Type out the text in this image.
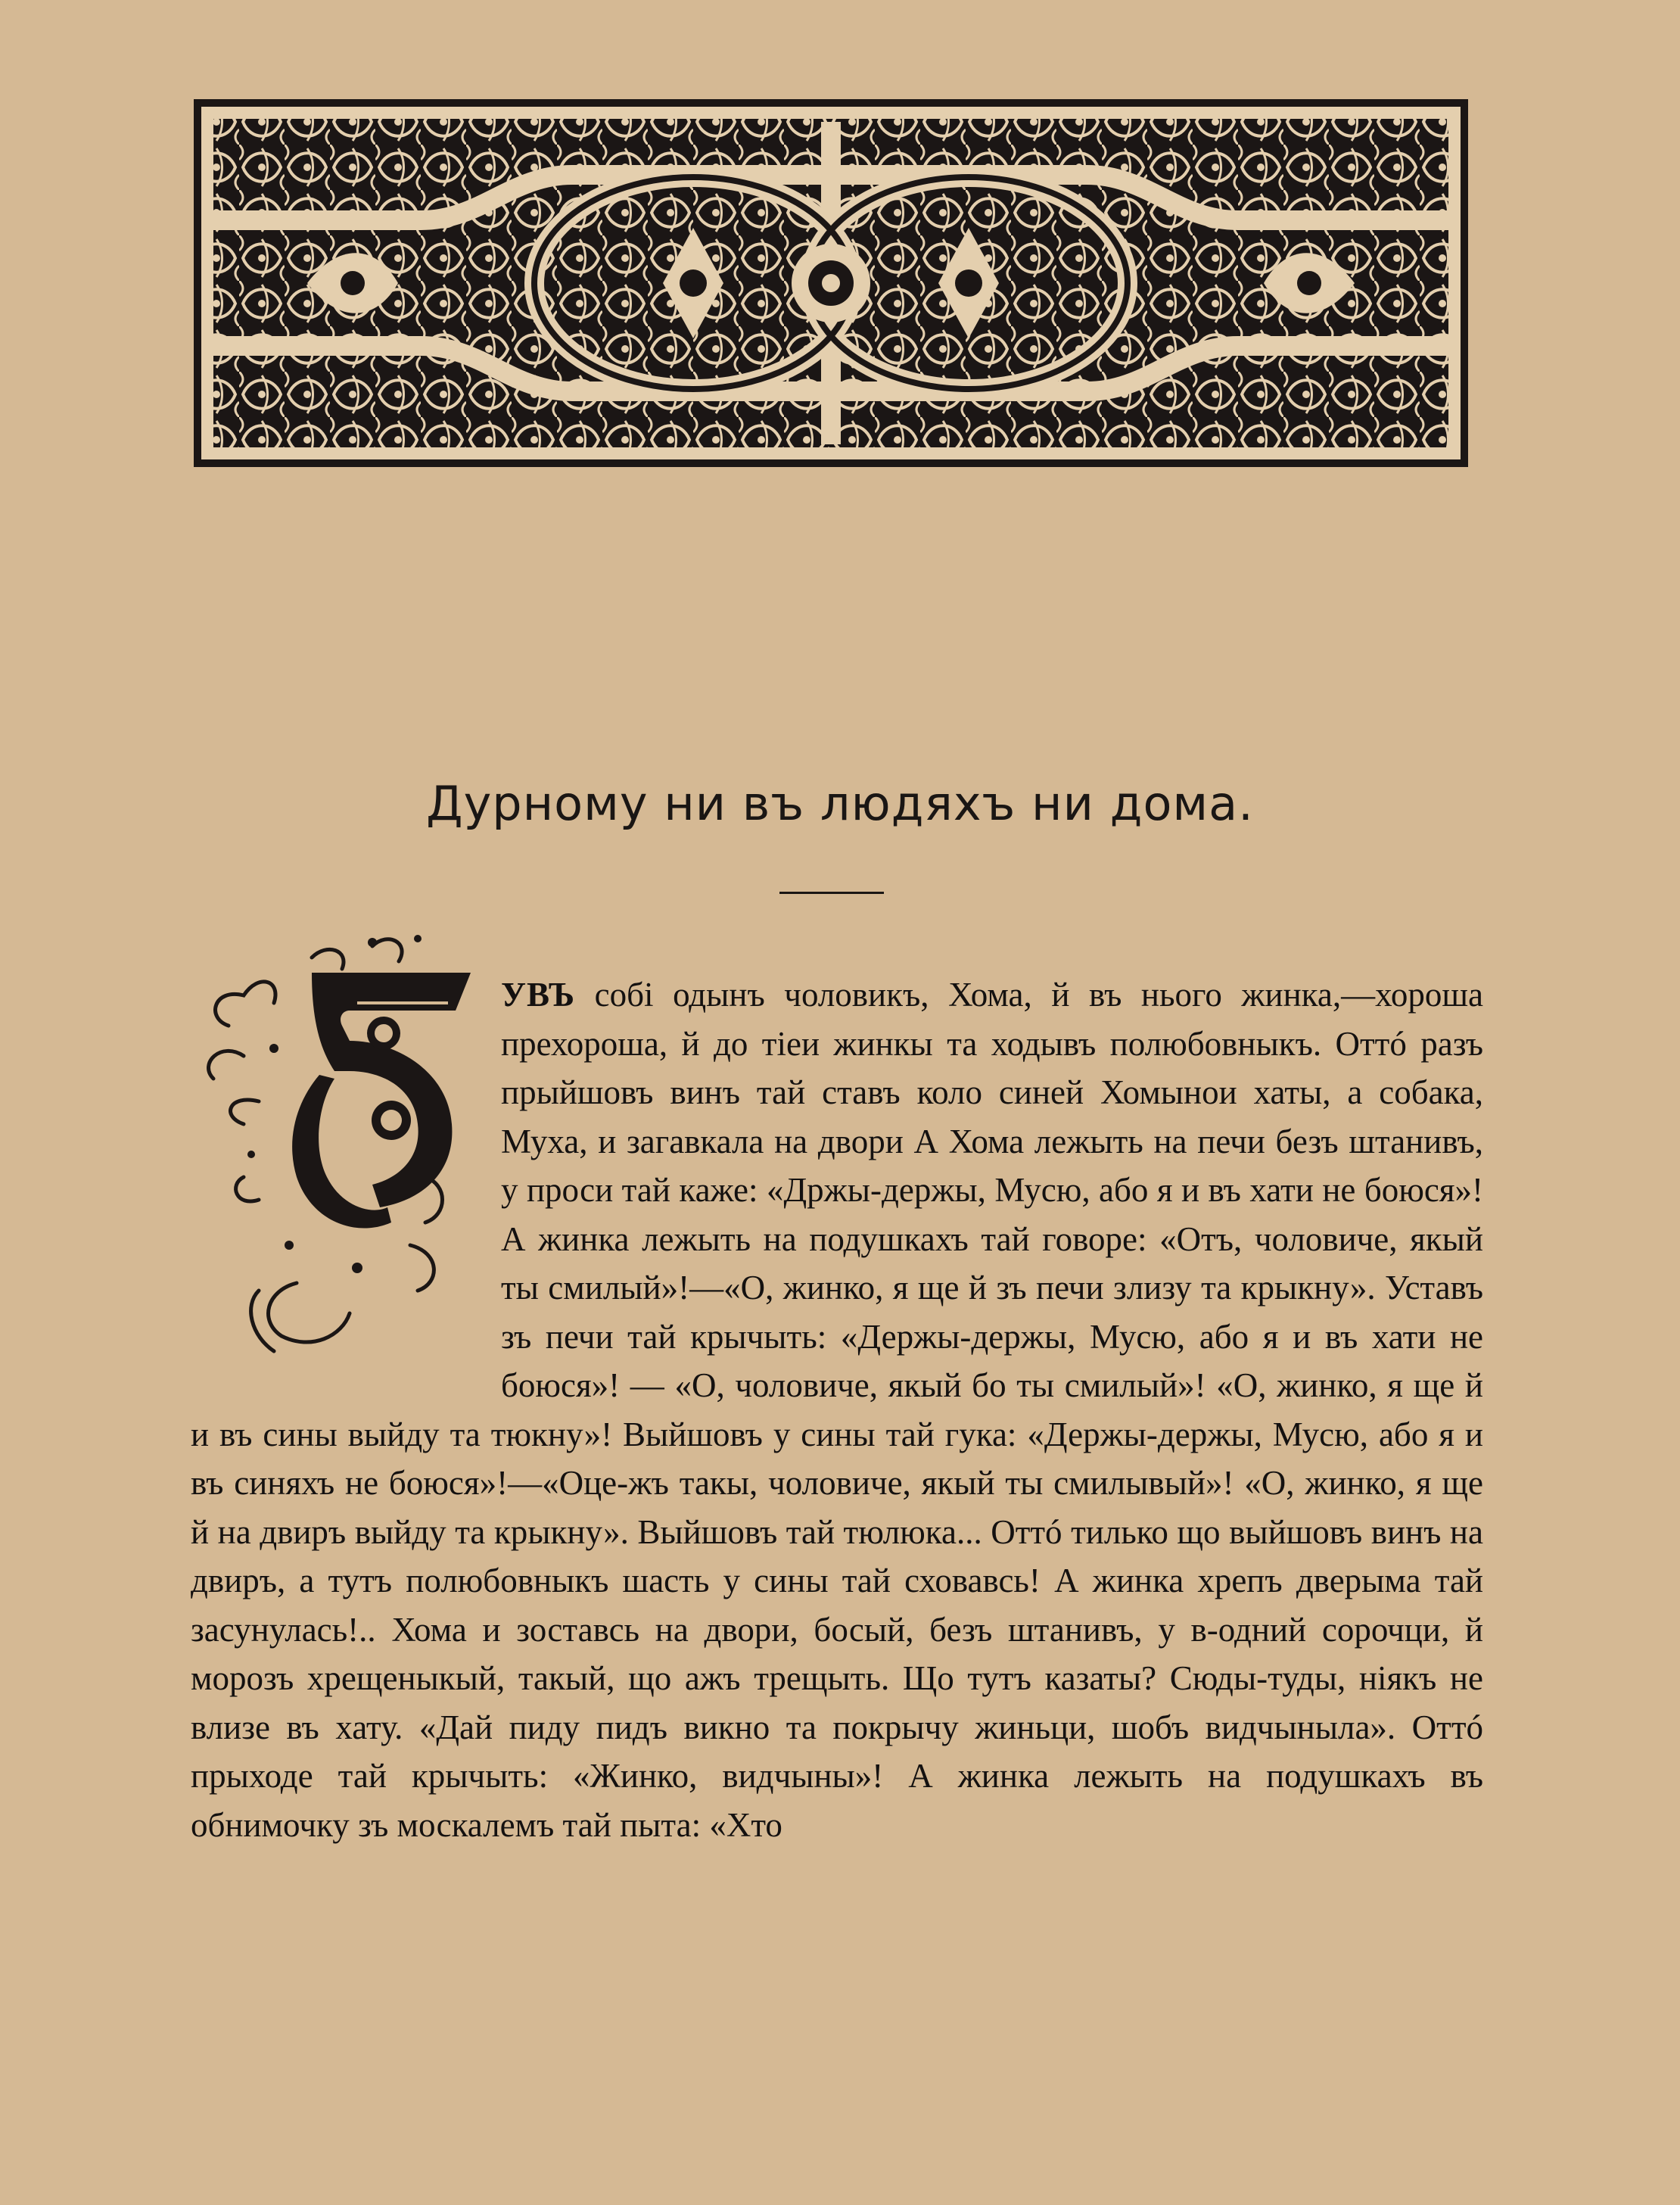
Дурному ни въ людяхъ ни дома.
УВЪ собі одынъ чоловикъ, Хома, й въ нього жинка,—хороша прехороша, й до тіеи жинкы та ходывъ полюбовныкъ. Оттó разъ прыйшовъ винъ тай ставъ коло синей Хомынои хаты, а собака, Муха, и загавкала на двори А Хома лежыть на печи безъ штанивъ, у проси тай каже: «Држы-держы, Мусю, або я и въ хати не боюся»! А жинка лежыть на подушкахъ тай говоре: «Отъ, чоловиче, якый ты смилый»!—«О, жинко, я ще й зъ печи злизу та крыкну». Уставъ зъ печи тай крычыть: «Держы-держы, Мусю, або я и въ хати не боюся»! — «О, чоловиче, якый бо ты смилый»! «О, жинко, я ще й и въ сины выйду та тюкну»! Выйшовъ у сины тай гука: «Держы-держы, Мусю, або я и въ синяхъ не боюся»!—«Оце-жъ такы, чоловиче, якый ты смилывый»! «О, жинко, я ще й на двиръ выйду та крыкну». Выйшовъ тай тюлюка... Оттó тилько що выйшовъ винъ на двиръ, а тутъ полюбовныкъ шасть у сины тай сховавсь! А жинка хрепъ дверыма тай засунулась!.. Хома и зоставсь на двори, босый, безъ штанивъ, у в-одний сорочци, й морозъ хрещеныкый, такый, що ажъ трещыть. Що тутъ казаты? Сюды-туды, ніякъ не влизе въ хату. «Дай пиду пидъ викно та покрычу жиньци, шобъ видчыныла». Оттó прыходе тай крычыть: «Жинко, видчыны»! А жинка лежыть на подушкахъ въ обнимочку зъ москалемъ тай пыта: «Хто
